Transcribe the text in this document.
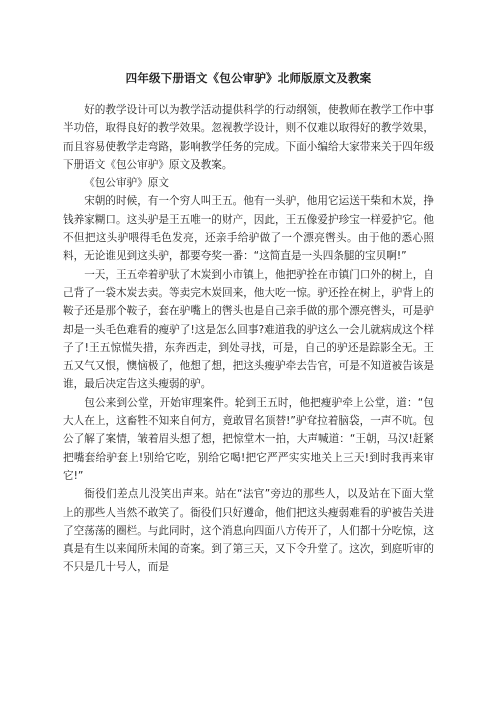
四年级下册语文《包公审驴》北师版原文及教案

好的教学设计可以为教学活动提供科学的行动纲领，使教师在教学工作中事半功倍，取得良好的教学效果。忽视教学设计，则不仅难以取得好的教学效果，而且容易使教学走弯路，影响教学任务的完成。下面小编给大家带来关于四年级下册语文《包公审驴》原文及教案。

《包公审驴》原文

宋朝的时候，有一个穷人叫王五。他有一头驴，他用它运送干柴和木炭，挣钱养家糊口。这头驴是王五唯一的财产，因此，王五像爱护珍宝一样爱护它。他不但把这头驴喂得毛色发亮，还亲手给驴做了一个漂亮辔头。由于他的悉心照料，无论谁见到这头驴，都要夸奖一番：“这简直是一头四条腿的宝贝啊!”

一天，王五牵着驴驮了木炭到小市镇上，他把驴拴在市镇门口外的树上，自己背了一袋木炭去卖。等卖完木炭回来，他大吃一惊。驴还拴在树上，驴背上的鞍子还是那个鞍子，套在驴嘴上的辔头也是自己亲手做的那个漂亮辔头，可是驴却是一头毛色难看的瘦驴了!这是怎么回事?难道我的驴这么一会儿就病成这个样子了!王五惊慌失措，东奔西走，到处寻找，可是，自己的驴还是踪影全无。王五又气又恨，懊恼极了，他想了想，把这头瘦驴牵去告官，可是不知道被告该是谁，最后决定告这头瘦弱的驴。

包公来到公堂，开始审理案件。轮到王五时，他把瘦驴牵上公堂，道：“包大人在上，这畜牲不知来自何方，竟敢冒名顶替!”驴耷拉着脑袋，一声不吭。包公了解了案情，皱着眉头想了想，把惊堂木一拍，大声喊道：“王朝，马汉!赶紧把嘴套给驴套上!别给它吃，别给它喝!把它严严实实地关上三天!到时我再来审它!”

衙役们差点儿没笑出声来。站在“法官”旁边的那些人，以及站在下面大堂上的那些人当然不敢笑了。衙役们只好遵命，他们把这头瘦弱难看的驴被告关进了空荡荡的圈栏。与此同时，这个消息向四面八方传开了，人们都十分吃惊，这真是有生以来闻所未闻的奇案。到了第三天，又下令升堂了。这次，到庭听审的不只是几十号人，而是
